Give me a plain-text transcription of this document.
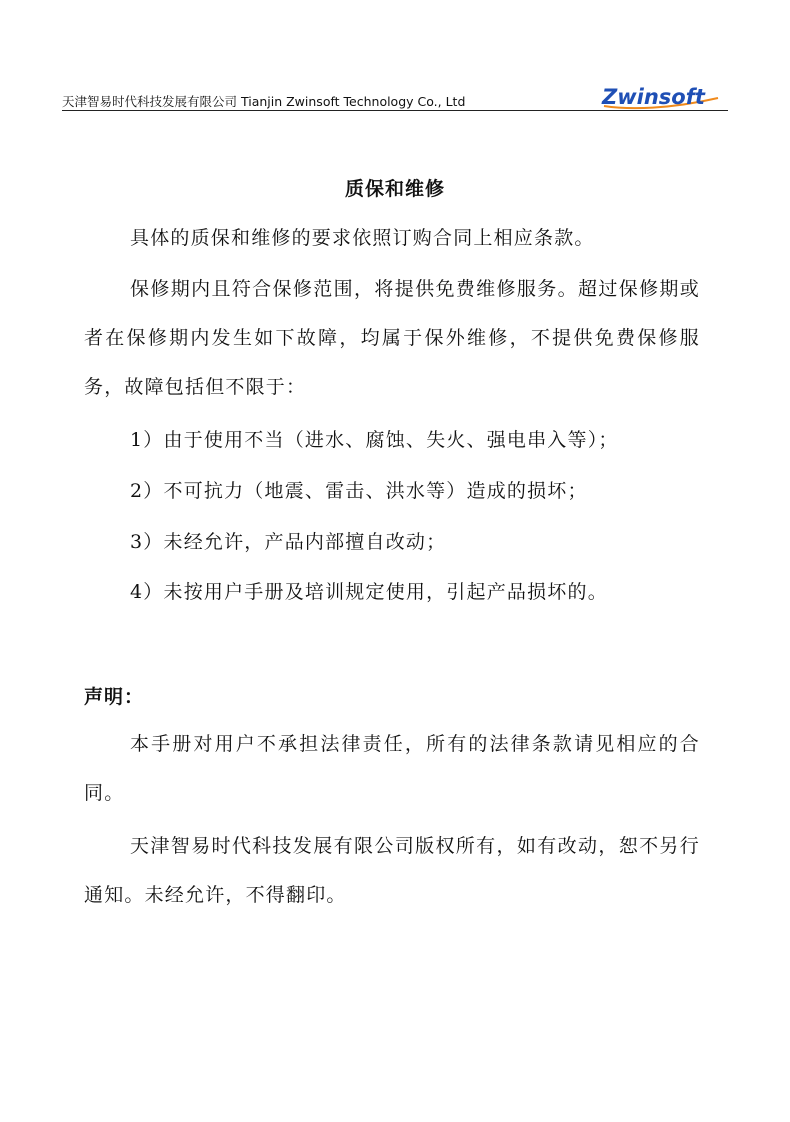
天津智易时代科技发展有限公司 Tianjin Zwinsoft Technology Co., Ltd	Zwinsoft
质保和维修
具体的质保和维修的要求依照订购合同上相应条款。
保修期内且符合保修范围，将提供免费维修服务。超过保修期或者在保修期内发生如下故障，均属于保外维修，不提供免费保修服务，故障包括但不限于：
1）由于使用不当（进水、腐蚀、失火、强电串入等）；
2）不可抗力（地震、雷击、洪水等）造成的损坏；
3）未经允许，产品内部擅自改动；
4）未按用户手册及培训规定使用，引起产品损坏的。
声明：
本手册对用户不承担法律责任，所有的法律条款请见相应的合同。
天津智易时代科技发展有限公司版权所有，如有改动，恕不另行通知。未经允许，不得翻印。
